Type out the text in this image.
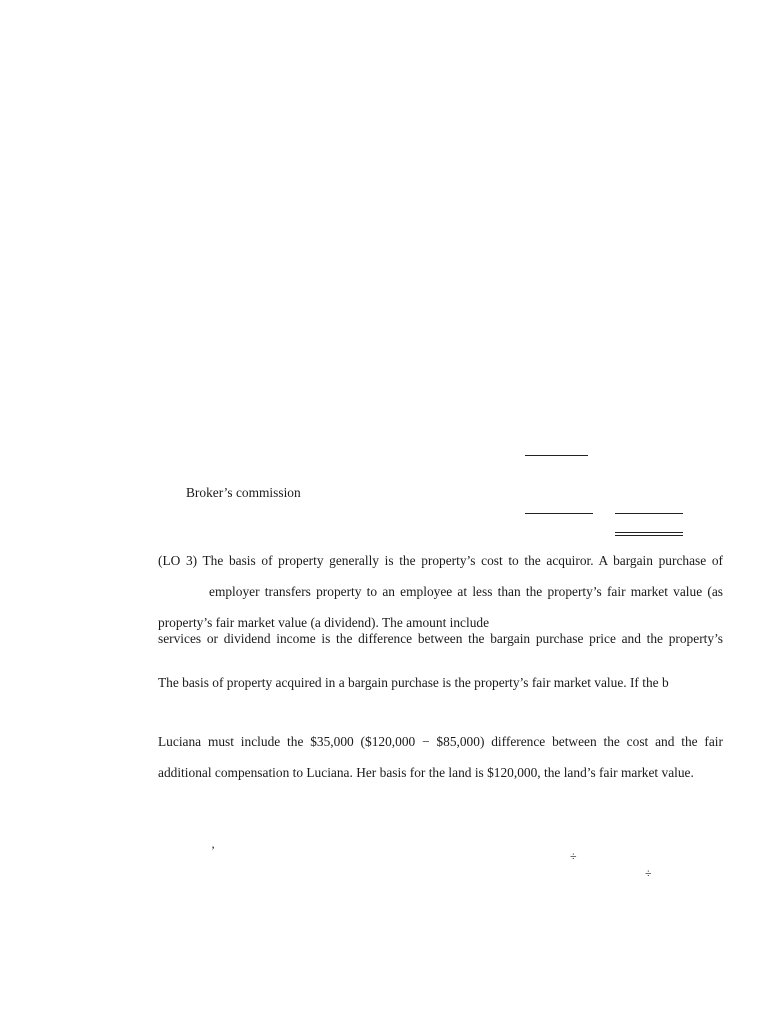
Broker’s commission
(LO 3) The basis of property generally is the property’s cost to the acquiror. A bargain purchase of
employer transfers property to an employee at less than the property’s fair market value (as
property’s fair market value (a dividend). The amount include
services or dividend income is the difference between the bargain purchase price and the property’s
The basis of property acquired in a bargain purchase is the property’s fair market value. If the b
Luciana must include the $35,000 ($120,000 − $85,000) difference between the cost and the fair
additional compensation to Luciana. Her basis for the land is $120,000, the land’s fair market value.
’	÷
÷
